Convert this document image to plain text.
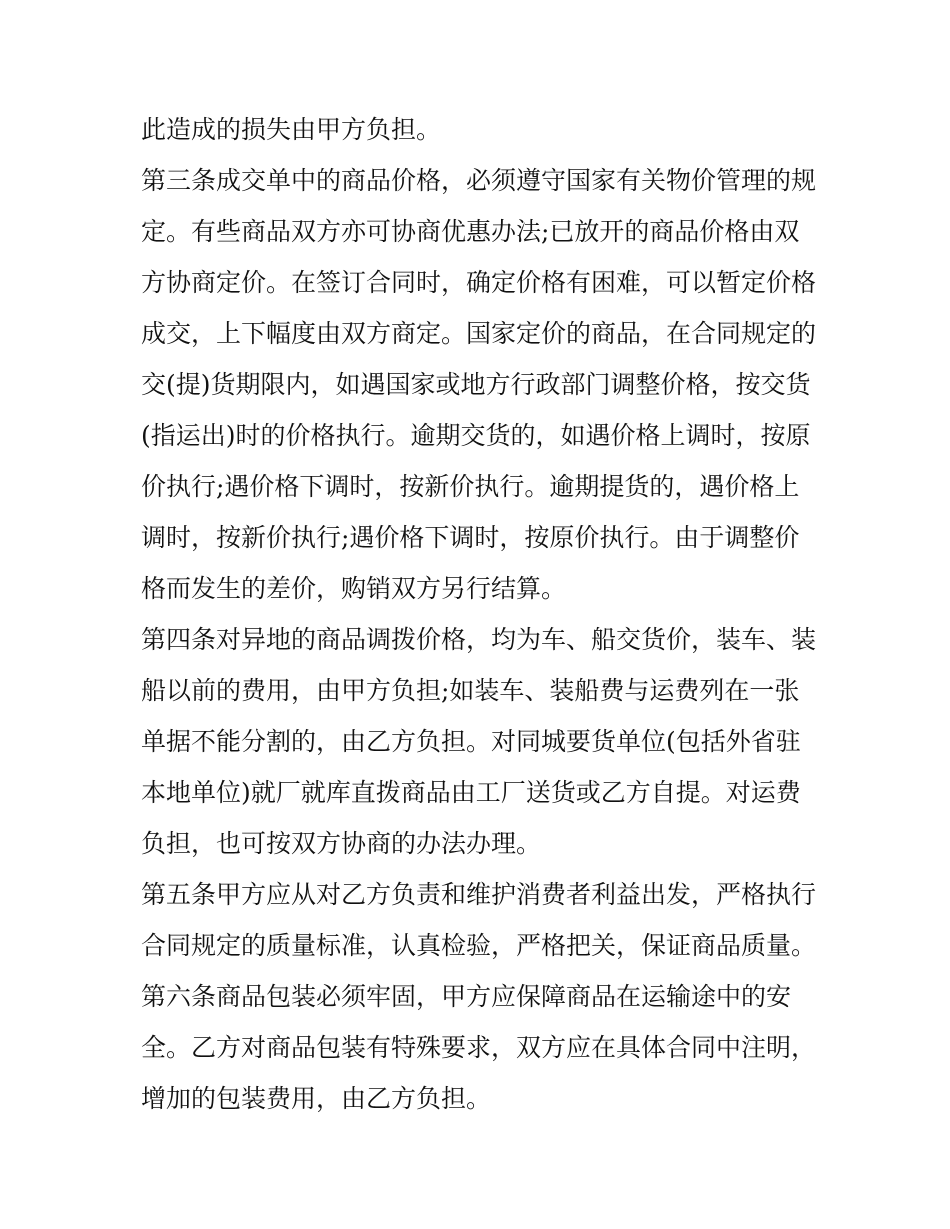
此造成的损失由甲方负担。
第三条成交单中的商品价格，必须遵守国家有关物价管理的规
定。有些商品双方亦可协商优惠办法;已放开的商品价格由双
方协商定价。在签订合同时，确定价格有困难，可以暂定价格
成交，上下幅度由双方商定。国家定价的商品，在合同规定的
交(提)货期限内，如遇国家或地方行政部门调整价格，按交货
(指运出)时的价格执行。逾期交货的，如遇价格上调时，按原
价执行;遇价格下调时，按新价执行。逾期提货的，遇价格上
调时，按新价执行;遇价格下调时，按原价执行。由于调整价
格而发生的差价，购销双方另行结算。
第四条对异地的商品调拨价格，均为车、船交货价，装车、装
船以前的费用，由甲方负担;如装车、装船费与运费列在一张
单据不能分割的，由乙方负担。对同城要货单位(包括外省驻
本地单位)就厂就库直拨商品由工厂送货或乙方自提。对运费
负担，也可按双方协商的办法办理。
第五条甲方应从对乙方负责和维护消费者利益出发，严格执行
合同规定的质量标准，认真检验，严格把关，保证商品质量。
第六条商品包装必须牢固，甲方应保障商品在运输途中的安
全。乙方对商品包装有特殊要求，双方应在具体合同中注明，
增加的包装费用，由乙方负担。
